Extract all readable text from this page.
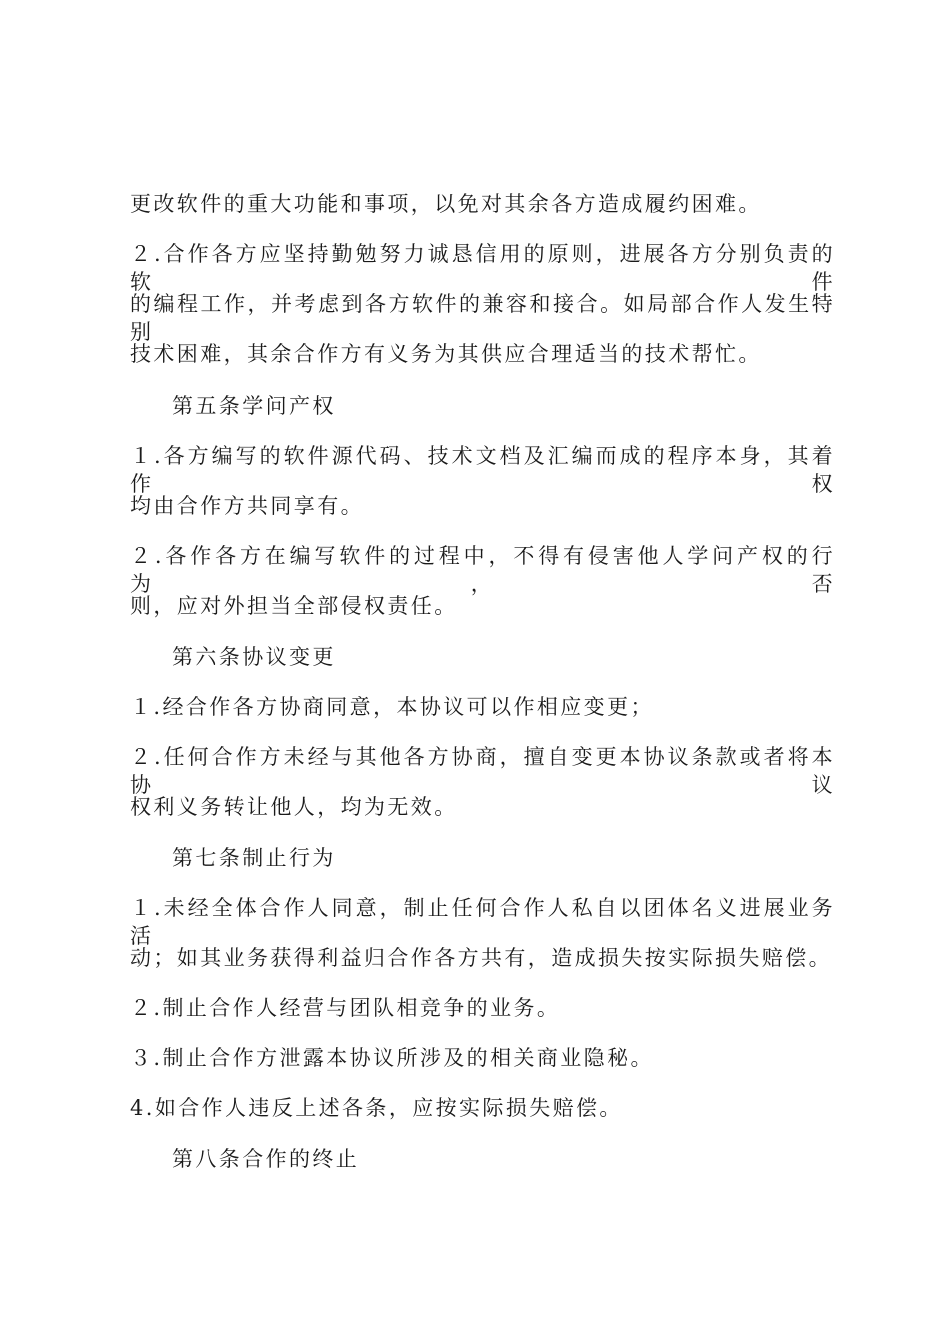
更改软件的重大功能和事项，以免对其余各方造成履约困难。
２.合作各方应坚持勤勉努力诚恳信用的原则，进展各方分别负责的软件
的编程工作，并考虑到各方软件的兼容和接合。如局部合作人发生特别
技术困难，其余合作方有义务为其供应合理适当的技术帮忙。
第五条学问产权
１.各方编写的软件源代码、技术文档及汇编而成的程序本身，其着作权
均由合作方共同享有。
２.各作各方在编写软件的过程中，不得有侵害他人学问产权的行为，否
则，应对外担当全部侵权责任。
第六条协议变更
１.经合作各方协商同意，本协议可以作相应变更；
２.任何合作方未经与其他各方协商，擅自变更本协议条款或者将本协议
权利义务转让他人，均为无效。
第七条制止行为
１.未经全体合作人同意，制止任何合作人私自以团体名义进展业务活
动；如其业务获得利益归合作各方共有，造成损失按实际损失赔偿。
２.制止合作人经营与团队相竞争的业务。
３.制止合作方泄露本协议所涉及的相关商业隐秘。
4.如合作人违反上述各条，应按实际损失赔偿。
第八条合作的终止
